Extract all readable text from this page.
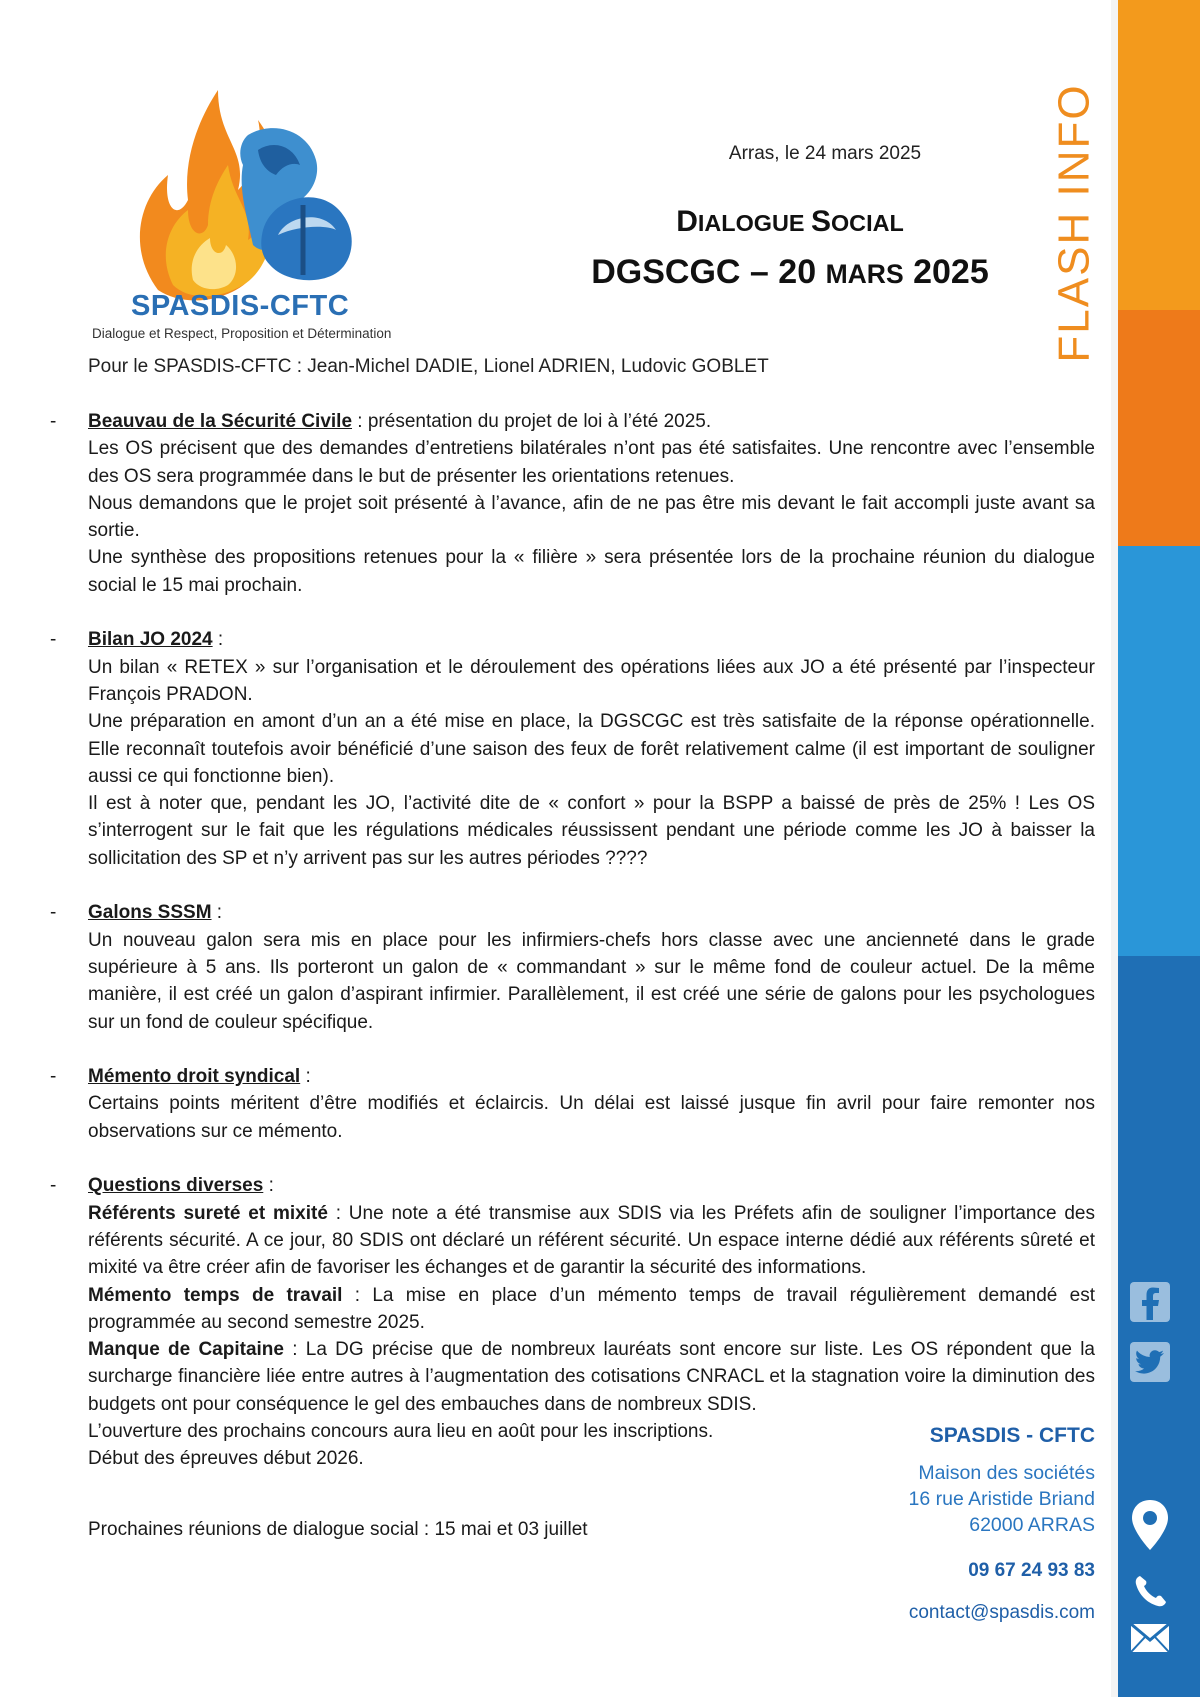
FLASH INFO
SPASDIS-CFTC
Dialogue et Respect, Proposition et Détermination
Arras, le 24 mars 2025
DIALOGUE SOCIAL
DGSCGC – 20 MARS 2025
Pour le SPASDIS-CFTC : Jean-Michel DADIE, Lionel ADRIEN, Ludovic GOBLET
- Beauvau de la Sécurité Civile : présentation du projet de loi à l’été 2025.

Les OS précisent que des demandes d’entretiens bilatérales n’ont pas été satisfaites. Une rencontre avec l’ensemble des OS sera programmée dans le but de présenter les orientations retenues.

Nous demandons que le projet soit présenté à l’avance, afin de ne pas être mis devant le fait accompli juste avant sa sortie.

Une synthèse des propositions retenues pour la « filière » sera présentée lors de la prochaine réunion du dialogue social le 15 mai prochain.

- Bilan JO 2024 :

Un bilan « RETEX » sur l’organisation et le déroulement des opérations liées aux JO a été présenté par l’inspecteur François PRADON.

Une préparation en amont d’un an a été mise en place, la DGSCGC est très satisfaite de la réponse opérationnelle. Elle reconnaît toutefois avoir bénéficié d’une saison des feux de forêt relativement calme (il est important de souligner aussi ce qui fonctionne bien).

Il est à noter que, pendant les JO, l’activité dite de « confort » pour la BSPP a baissé de près de 25% ! Les OS s’interrogent sur le fait que les régulations médicales réussissent pendant une période comme les JO à baisser la sollicitation des SP et n’y arrivent pas sur les autres périodes ????

- Galons SSSM :

Un nouveau galon sera mis en place pour les infirmiers-chefs hors classe avec une ancienneté dans le grade supérieure à 5 ans. Ils porteront un galon de « commandant » sur le même fond de couleur actuel. De la même manière, il est créé un galon d’aspirant infirmier. Parallèlement, il est créé une série de galons pour les psychologues sur un fond de couleur spécifique.

- Mémento droit syndical :

Certains points méritent d’être modifiés et éclaircis. Un délai est laissé jusque fin avril pour faire remonter nos observations sur ce mémento.

- Questions diverses :

Référents sureté et mixité : Une note a été transmise aux SDIS via les Préfets afin de souligner l’importance des référents sécurité. A ce jour, 80 SDIS ont déclaré un référent sécurité. Un espace interne dédié aux référents sûreté et mixité va être créer afin de favoriser les échanges et de garantir la sécurité des informations.

Mémento temps de travail : La mise en place d’un mémento temps de travail régulièrement demandé est programmée au second semestre 2025.

Manque de Capitaine : La DG précise que de nombreux lauréats sont encore sur liste. Les OS répondent que la surcharge financière liée entre autres à l’augmentation des cotisations CNRACL et la stagnation voire la diminution des budgets ont pour conséquence le gel des embauches dans de nombreux SDIS.

L’ouverture des prochains concours aura lieu en août pour les inscriptions.

Début des épreuves début 2026.

Prochaines réunions de dialogue social : 15 mai et 03 juillet
SPASDIS - CFTC
Maison des sociétés
16 rue Aristide Briand
62000 ARRAS
09 67 24 93 83
contact@spasdis.com
